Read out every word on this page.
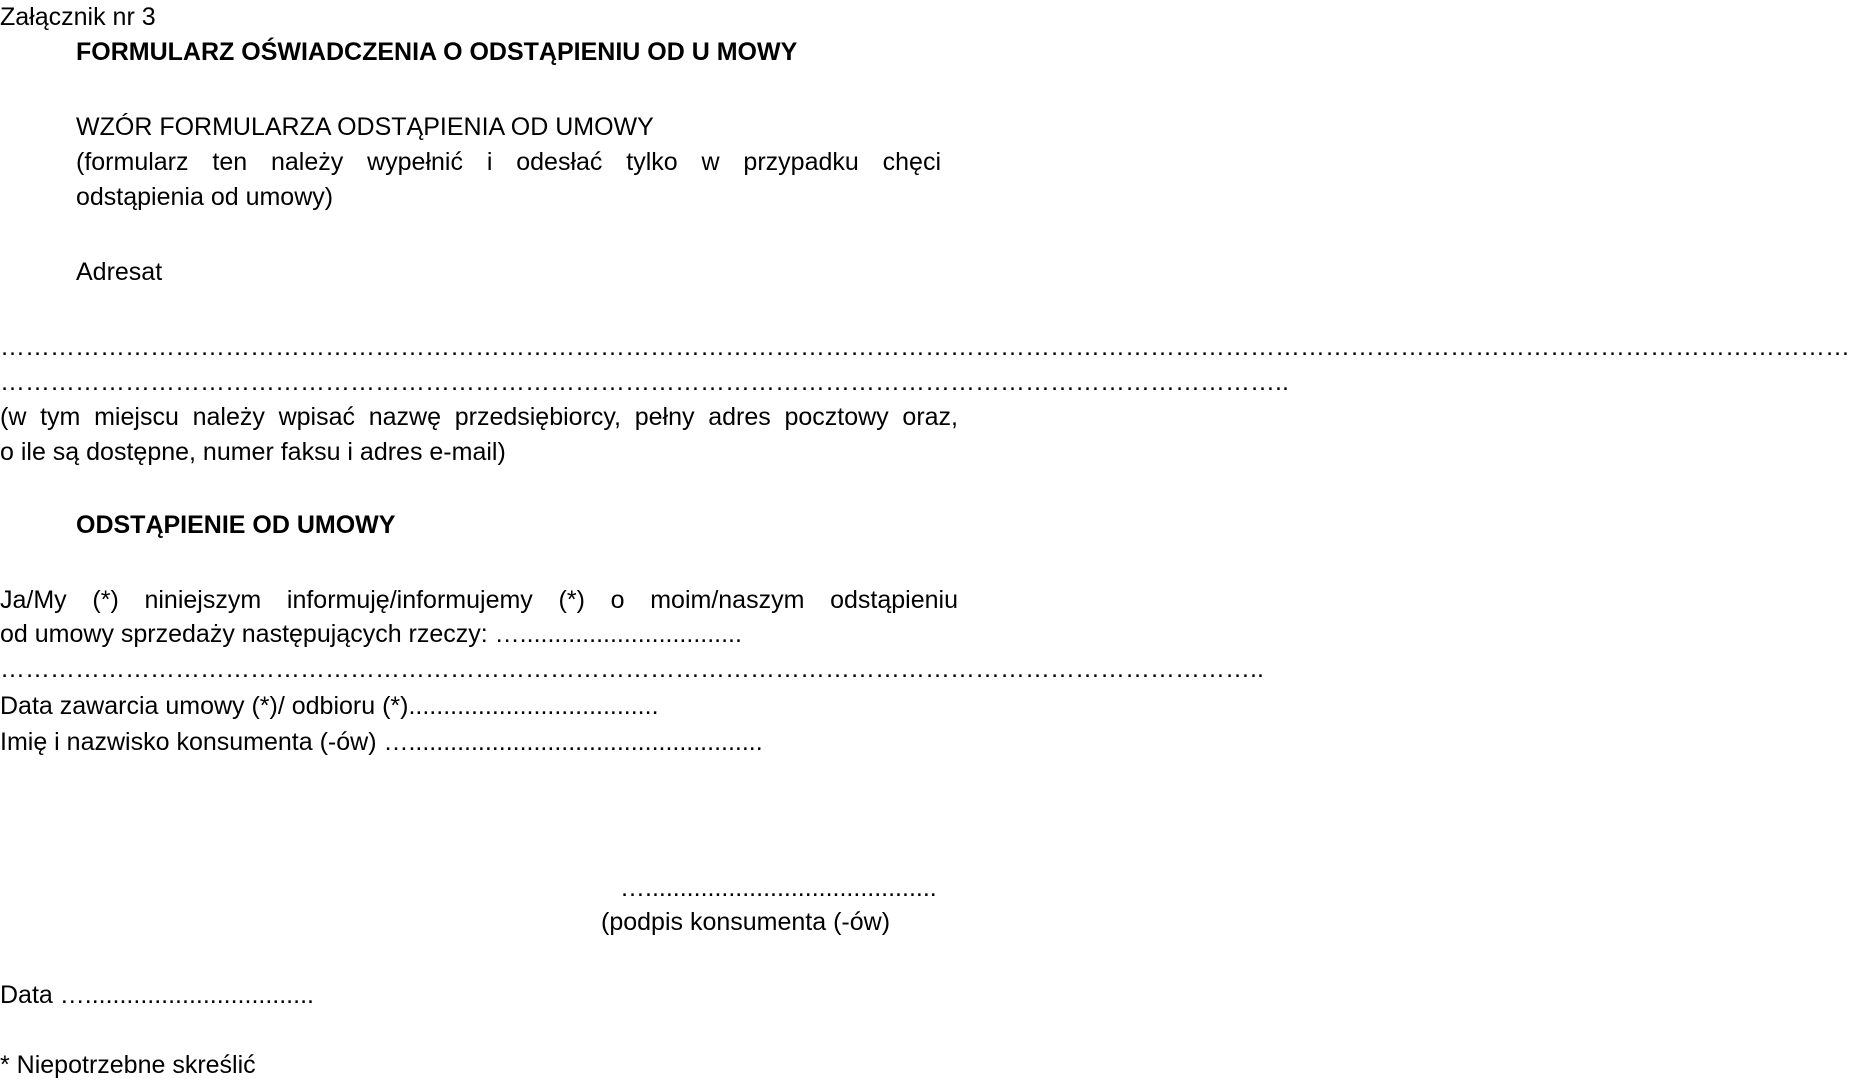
Załącznik nr 3

FORMULARZ OŚWIADCZENIA O ODSTĄPIENIU OD U MOWY

WZÓR FORMULARZA ODSTĄPIENIA OD UMOWY

(formularz ten należy wypełnić i odesłać tylko w przypadku chęci

odstąpienia od umowy)

Adresat

……………………………………………………………………………………………………………………………………………………………………………………………………

………………………………………………………………………………………………………………………………………..

(w tym miejscu należy wpisać nazwę przedsiębiorcy, pełny adres pocztowy oraz,

o ile są dostępne, numer faksu i adres e-mail)

ODSTĄPIENIE OD UMOWY

Ja/My (*) niniejszym informuję/informujemy (*) o moim/naszym odstąpieniu

od umowy sprzedaży następujących rzeczy: …................................

……………………………………………………………………………………………………………………………………..

Data zawarcia umowy (*)/ odbioru (*)....................................

Imię i nazwisko konsumenta (-ów) …...................................................

…..........................................

(podpis konsumenta (-ów)

Data ….................................

* Niepotrzebne skreślić
